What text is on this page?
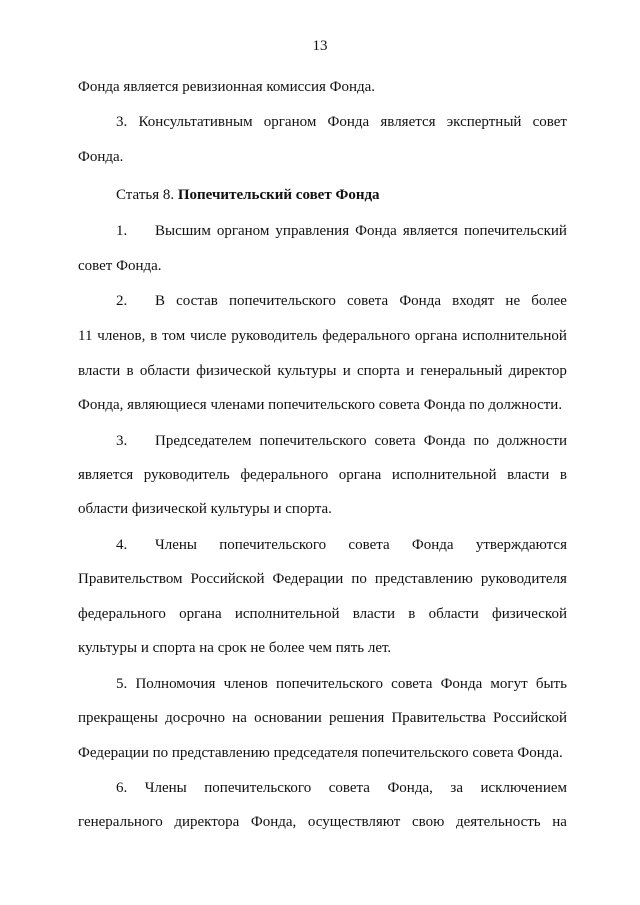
13
Фонда является ревизионная комиссия Фонда.
3. Консультативным органом Фонда является экспертный совет
Фонда.
Статья 8. Попечительский совет Фонда
1. Высшим органом управления Фонда является попечительский
совет Фонда.
2. В состав попечительского совета Фонда входят не более
11 членов, в том числе руководитель федерального органа исполнительной
власти в области физической культуры и спорта и генеральный директор
Фонда, являющиеся членами попечительского совета Фонда по должности.
3. Председателем попечительского совета Фонда по должности
является руководитель федерального органа исполнительной власти в
области физической культуры и спорта.
4. Члены попечительского совета Фонда утверждаются
Правительством Российской Федерации по представлению руководителя
федерального органа исполнительной власти в области физической
культуры и спорта на срок не более чем пять лет.
5. Полномочия членов попечительского совета Фонда могут быть
прекращены досрочно на основании решения Правительства Российской
Федерации по представлению председателя попечительского совета Фонда.
6. Члены попечительского совета Фонда, за исключением
генерального директора Фонда, осуществляют свою деятельность на
